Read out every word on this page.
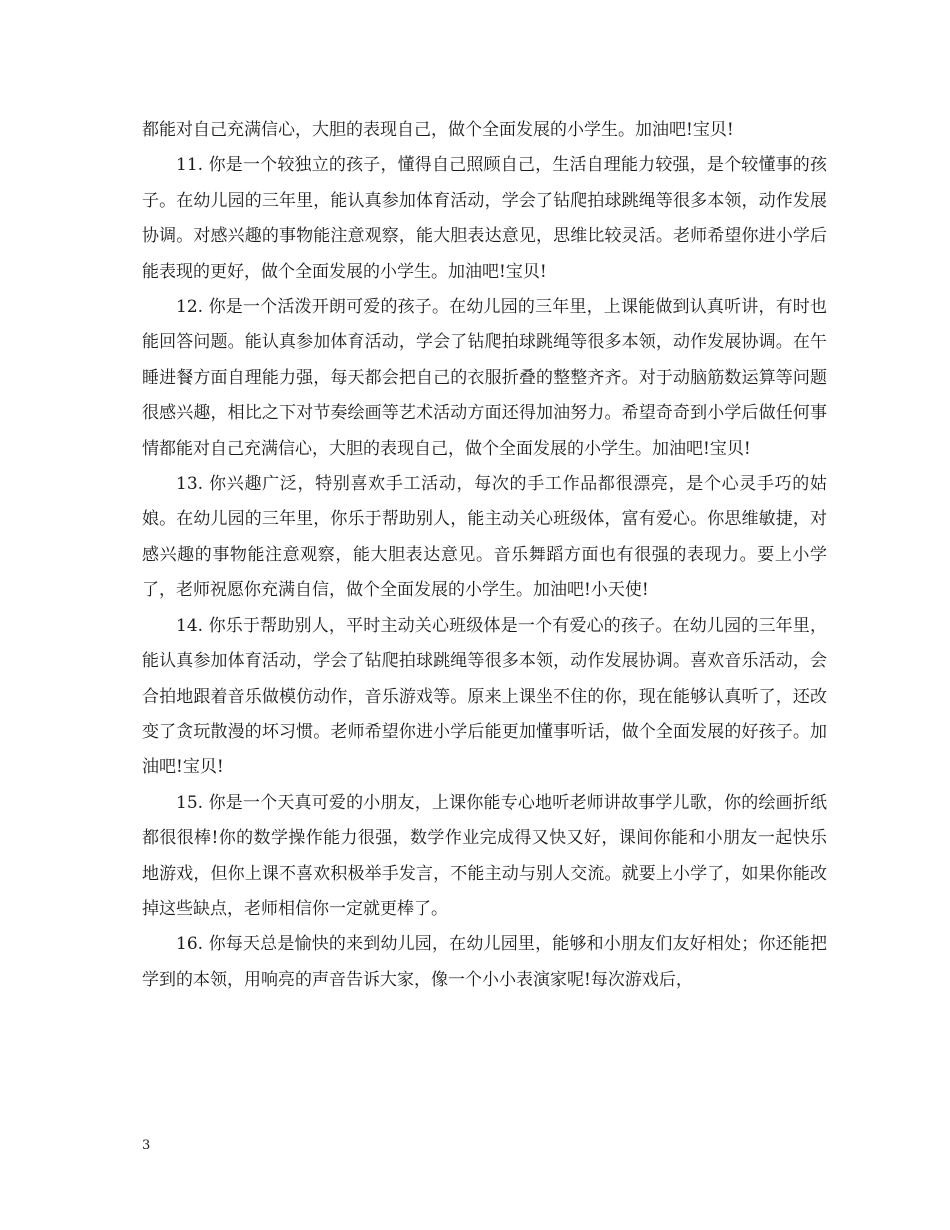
都能对自己充满信心，大胆的表现自己，做个全面发展的小学生。加油吧!宝贝!

11. 你是一个较独立的孩子，懂得自己照顾自己，生活自理能力较强，是个较懂事的孩子。在幼儿园的三年里，能认真参加体育活动，学会了钻爬拍球跳绳等很多本领，动作发展协调。对感兴趣的事物能注意观察，能大胆表达意见，思维比较灵活。老师希望你进小学后能表现的更好，做个全面发展的小学生。加油吧!宝贝!

12. 你是一个活泼开朗可爱的孩子。在幼儿园的三年里，上课能做到认真听讲，有时也能回答问题。能认真参加体育活动，学会了钻爬拍球跳绳等很多本领，动作发展协调。在午睡进餐方面自理能力强，每天都会把自己的衣服折叠的整整齐齐。对于动脑筋数运算等问题很感兴趣，相比之下对节奏绘画等艺术活动方面还得加油努力。希望奇奇到小学后做任何事情都能对自己充满信心，大胆的表现自己，做个全面发展的小学生。加油吧!宝贝!

13. 你兴趣广泛，特别喜欢手工活动，每次的手工作品都很漂亮，是个心灵手巧的姑娘。在幼儿园的三年里，你乐于帮助别人，能主动关心班级体，富有爱心。你思维敏捷，对感兴趣的事物能注意观察，能大胆表达意见。音乐舞蹈方面也有很强的表现力。要上小学了，老师祝愿你充满自信，做个全面发展的小学生。加油吧!小天使!

14. 你乐于帮助别人，平时主动关心班级体是一个有爱心的孩子。在幼儿园的三年里，能认真参加体育活动，学会了钻爬拍球跳绳等很多本领，动作发展协调。喜欢音乐活动，会合拍地跟着音乐做模仿动作，音乐游戏等。原来上课坐不住的你，现在能够认真听了，还改变了贪玩散漫的坏习惯。老师希望你进小学后能更加懂事听话，做个全面发展的好孩子。加油吧!宝贝!

15. 你是一个天真可爱的小朋友，上课你能专心地听老师讲故事学儿歌，你的绘画折纸都很很棒!你的数学操作能力很强，数学作业完成得又快又好，课间你能和小朋友一起快乐地游戏，但你上课不喜欢积极举手发言，不能主动与别人交流。就要上小学了，如果你能改掉这些缺点，老师相信你一定就更棒了。

16. 你每天总是愉快的来到幼儿园，在幼儿园里，能够和小朋友们友好相处；你还能把学到的本领，用响亮的声音告诉大家，像一个小小表演家呢!每次游戏后，

3
